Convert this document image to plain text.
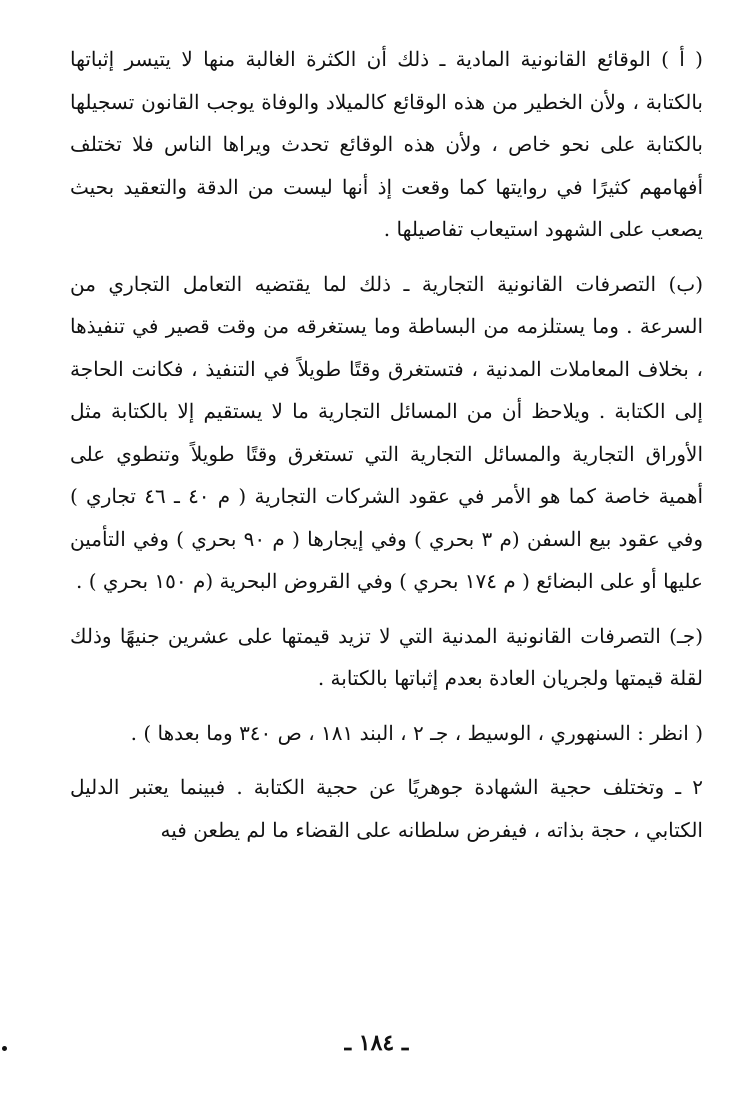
( أ ) الوقائع القانونية المادية ـ ذلك أن الكثرة الغالبة منها لا يتيسر إثباتها بالكتابة ، ولأن الخطير من هذه الوقائع كالميلاد والوفاة يوجب القانون تسجيلها بالكتابة على نحو خاص ، ولأن هذه الوقائع تحدث ويراها الناس فلا تختلف أفهامهم كثيرًا في روايتها كما وقعت إذ أنها ليست من الدقة والتعقيد بحيث يصعب على الشهود استيعاب تفاصيلها .

(ب) التصرفات القانونية التجارية ـ ذلك لما يقتضيه التعامل التجاري من السرعة . وما يستلزمه من البساطة وما يستغرقه من وقت قصير في تنفيذها ، بخلاف المعاملات المدنية ، فتستغرق وقتًا طويلاً في التنفيذ ، فكانت الحاجة إلى الكتابة . ويلاحظ أن من المسائل التجارية ما لا يستقيم إلا بالكتابة مثل الأوراق التجارية والمسائل التجارية التي تستغرق وقتًا طويلاً وتنطوي على أهمية خاصة كما هو الأمر في عقود الشركات التجارية ( م ٤٠ ـ ٤٦ تجاري ) وفي عقود بيع السفن (م ٣ بحري ) وفي إيجارها ( م ٩٠ بحري ) وفي التأمين عليها أو على البضائع ( م ١٧٤ بحري ) وفي القروض البحرية (م ١٥٠ بحري ) .

(جـ) التصرفات القانونية المدنية التي لا تزيد قيمتها على عشرين جنيهًا وذلك لقلة قيمتها ولجريان العادة بعدم إثباتها بالكتابة .

( انظر : السنهوري ، الوسيط ، جـ ٢ ، البند ١٨١ ، ص ٣٤٠ وما بعدها ) .

٢ ـ وتختلف حجية الشهادة جوهريًا عن حجية الكتابة . فبينما يعتبر الدليل الكتابي ، حجة بذاته ، فيفرض سلطانه على القضاء ما لم يطعن فيه

ـ ١٨٤ ـ
